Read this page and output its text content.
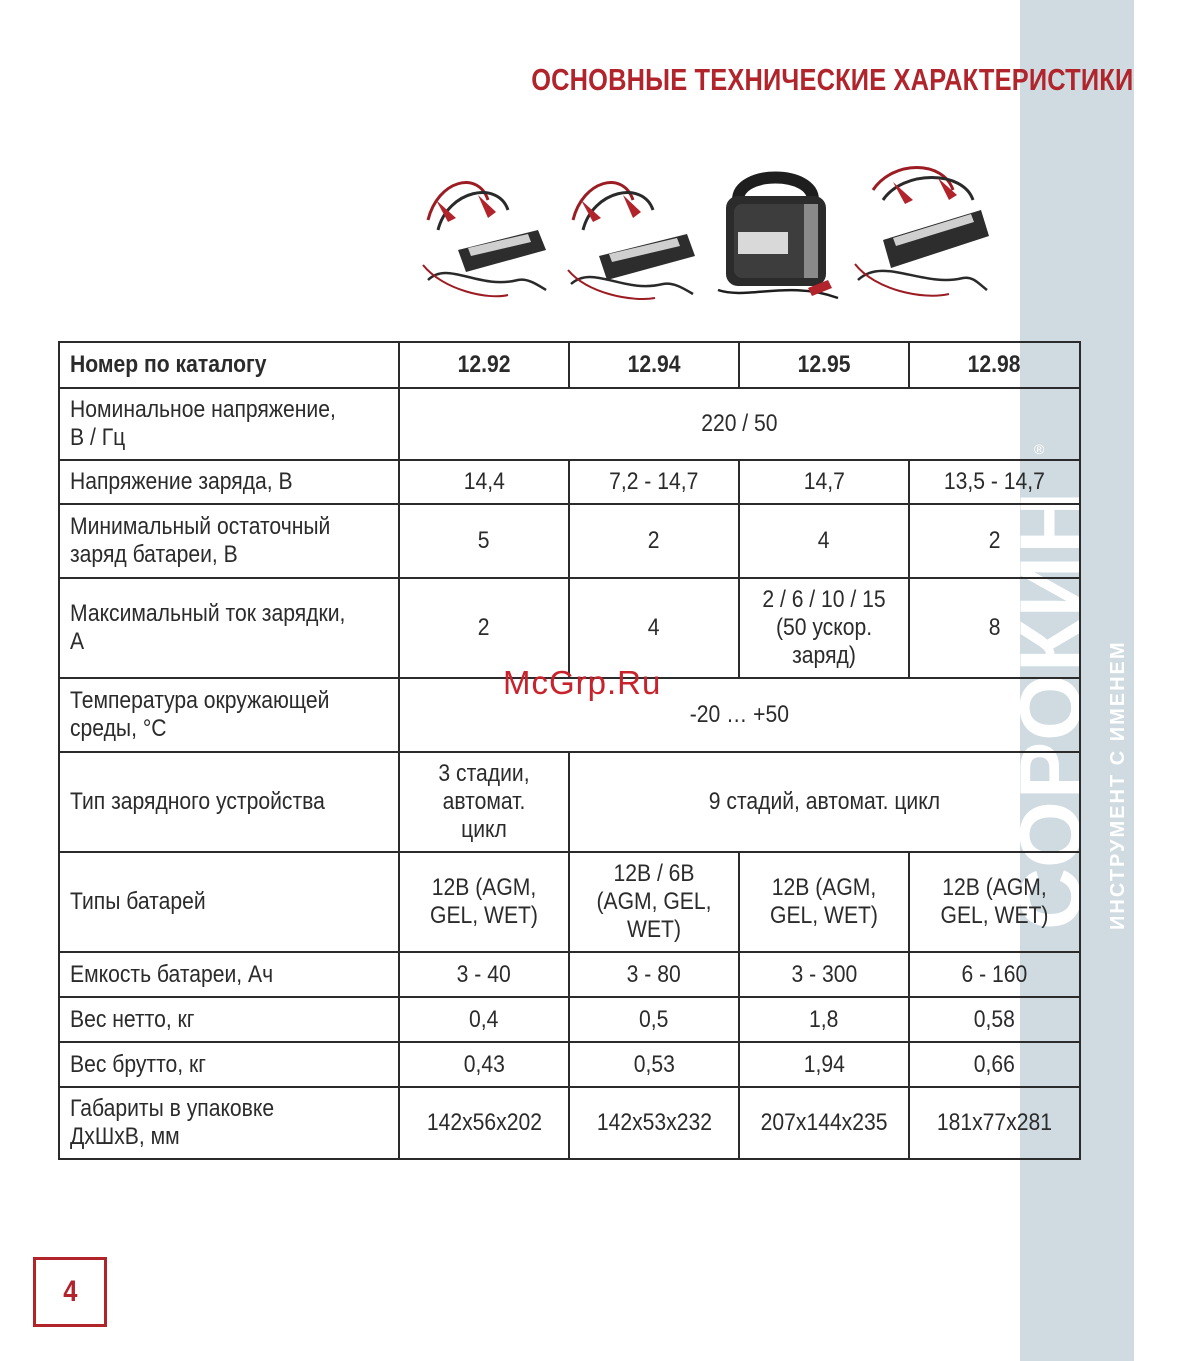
СОРОКИН ИНСТРУМЕНТ С ИМЕНЕМ
®
ОСНОВНЫЕ ТЕХНИЧЕСКИЕ ХАРАКТЕРИСТИКИ
Номер по каталогу	12.92	12.94	12.95	12.98
Номинальное напряжение, В / Гц	220 / 50			
Напряжение заряда, В	14,4	7,2 - 14,7	14,7	13,5 - 14,7
Минимальный остаточный заряд батареи, В	5	2	4	2
Максимальный ток зарядки, А	2	4	2 / 6 / 10 / 15 (50 ускор. заряд)	8
Температура окружающей среды, °С	-20 … +50			
Тип зарядного устройства	3 стадии, автомат. цикл	9 стадий, автомат. цикл		
Типы батарей	12В (AGM, GEL, WET)	12В / 6В (AGM, GEL, WET)	12В (AGM, GEL, WET)	12В (AGM, GEL, WET)
Емкость батареи, Ач	3 - 40	3 - 80	3 - 300	6 - 160
Вес нетто, кг	0,4	0,5	1,8	0,58
Вес брутто, кг	0,43	0,53	1,94	0,66
Габариты в упаковке ДхШхВ, мм	142x56x202	142x53x232	207x144x235	181x77x281
McGrp.Ru
4
